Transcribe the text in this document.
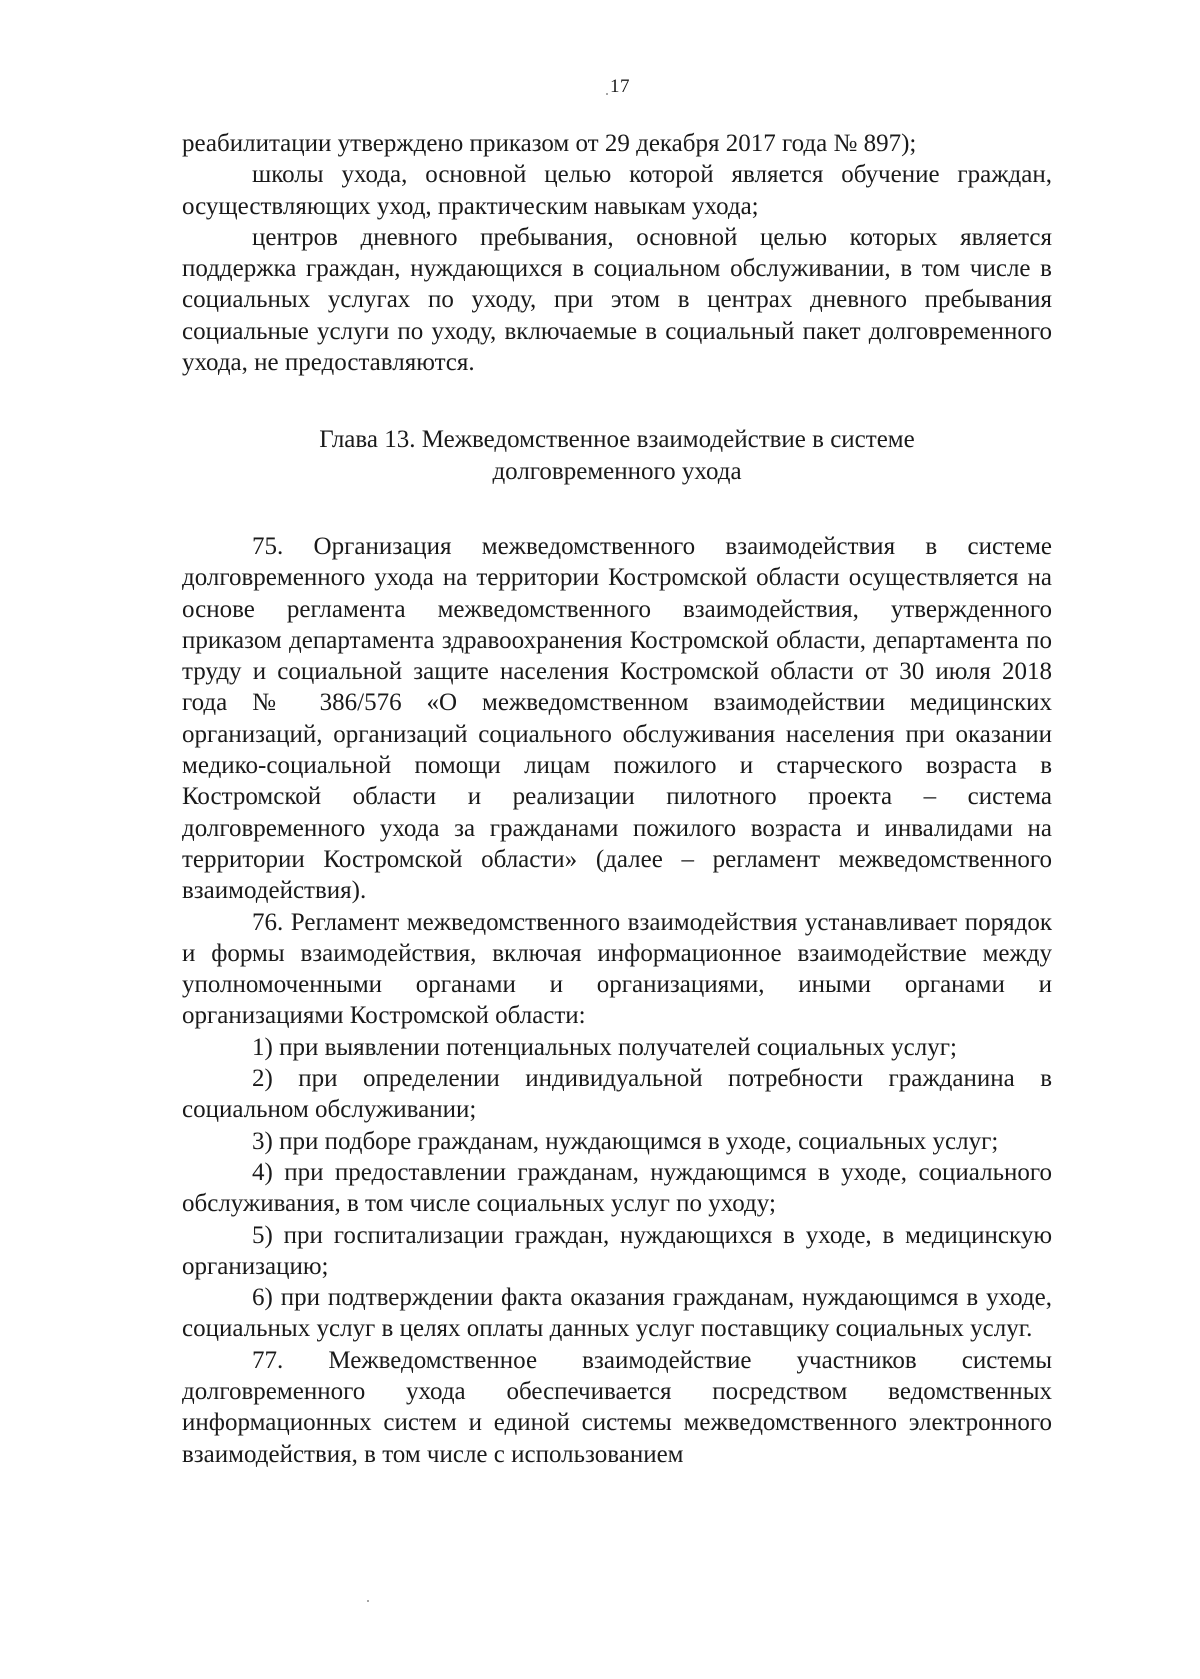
17

реабилитации утверждено приказом от 29 декабря 2017 года № 897);

школы ухода, основной целью которой является обучение граждан, осуществляющих уход, практическим навыкам ухода;

центров дневного пребывания, основной целью которых является поддержка граждан, нуждающихся в социальном обслуживании, в том числе в социальных услугах по уходу, при этом в центрах дневного пребывания социальные услуги по уходу, включаемые в социальный пакет долговременного ухода, не предоставляются.

Глава 13. Межведомственное взаимодействие в системе
долговременного ухода

75. Организация межведомственного взаимодействия в системе долговременного ухода на территории Костромской области осуществляется на основе регламента межведомственного взаимодействия, утвержденного приказом департамента здравоохранения Костромской области, департамента по труду и социальной защите населения Костромской области от 30 июля 2018 года № 386/576 «О межведомственном взаимодействии медицинских организаций, организаций социального обслуживания населения при оказании медико-социальной помощи лицам пожилого и старческого возраста в Костромской области и реализации пилотного проекта – система долговременного ухода за гражданами пожилого возраста и инвалидами на территории Костромской области» (далее – регламент межведомственного взаимодействия).

76. Регламент межведомственного взаимодействия устанавливает порядок и формы взаимодействия, включая информационное взаимодействие между уполномоченными органами и организациями, иными органами и организациями Костромской области:

1) при выявлении потенциальных получателей социальных услуг;

2) при определении индивидуальной потребности гражданина в социальном обслуживании;

3) при подборе гражданам, нуждающимся в уходе, социальных услуг;

4) при предоставлении гражданам, нуждающимся в уходе, социального обслуживания, в том числе социальных услуг по уходу;

5) при госпитализации граждан, нуждающихся в уходе, в медицинскую организацию;

6) при подтверждении факта оказания гражданам, нуждающимся в уходе, социальных услуг в целях оплаты данных услуг поставщику социальных услуг.

77. Межведомственное взаимодействие участников системы долговременного ухода обеспечивается посредством ведомственных информационных систем и единой системы межведомственного электронного взаимодействия, в том числе с использованием
